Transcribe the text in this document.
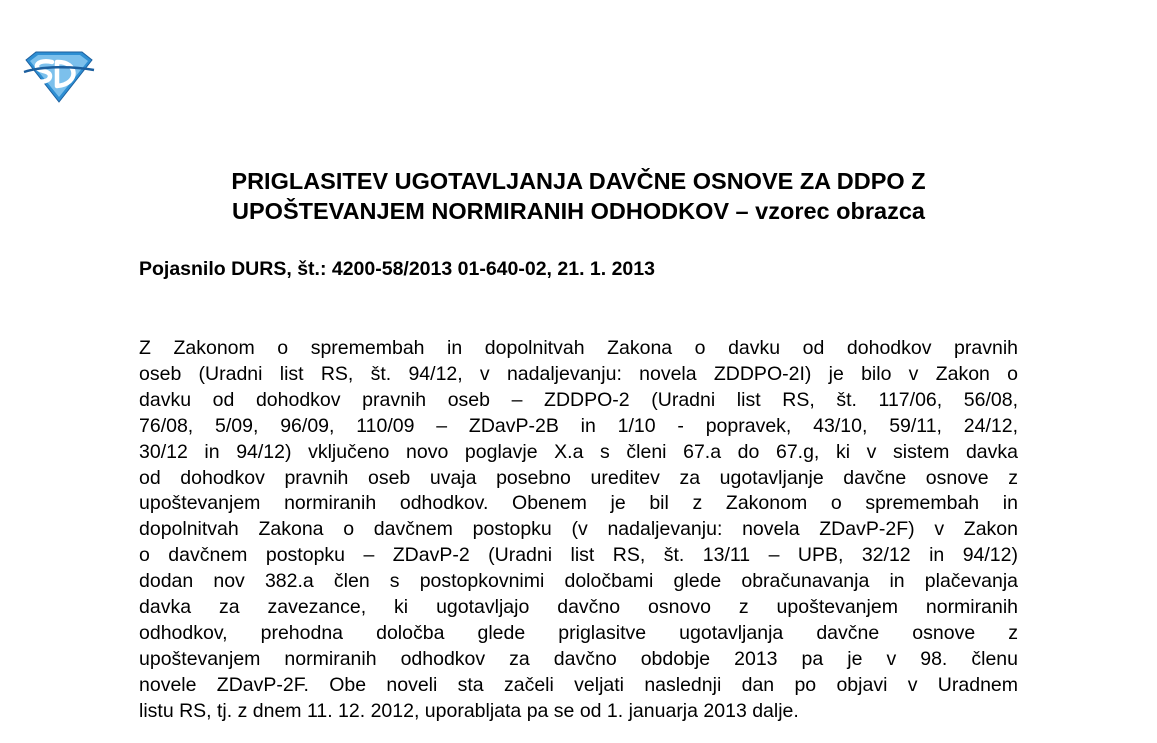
PRIGLASITEV UGOTAVLJANJA DAVČNE OSNOVE ZA DDPO Z
UPOŠTEVANJEM NORMIRANIH ODHODKOV – vzorec obrazca

Pojasnilo DURS, št.: 4200-58/2013 01-640-02, 21. 1. 2013

Z Zakonom o spremembah in dopolnitvah Zakona o davku od dohodkov pravnih
oseb (Uradni list RS, št. 94/12, v nadaljevanju: novela ZDDPO-2I) je bilo v Zakon o
davku od dohodkov pravnih oseb – ZDDPO-2 (Uradni list RS, št. 117/06, 56/08,
76/08, 5/09, 96/09, 110/09 – ZDavP-2B in 1/10 - popravek, 43/10, 59/11, 24/12,
30/12 in 94/12) vključeno novo poglavje X.a s členi 67.a do 67.g, ki v sistem davka
od dohodkov pravnih oseb uvaja posebno ureditev za ugotavljanje davčne osnove z
upoštevanjem normiranih odhodkov. Obenem je bil z Zakonom o spremembah in
dopolnitvah Zakona o davčnem postopku (v nadaljevanju: novela ZDavP-2F) v Zakon
o davčnem postopku – ZDavP-2 (Uradni list RS, št. 13/11 – UPB, 32/12 in 94/12)
dodan nov 382.a člen s postopkovnimi določbami glede obračunavanja in plačevanja
davka za zavezance, ki ugotavljajo davčno osnovo z upoštevanjem normiranih
odhodkov, prehodna določba glede priglasitve ugotavljanja davčne osnove z
upoštevanjem normiranih odhodkov za davčno obdobje 2013 pa je v 98. členu
novele ZDavP-2F. Obe noveli sta začeli veljati naslednji dan po objavi v Uradnem
listu RS, tj. z dnem 11. 12. 2012, uporabljata pa se od 1. januarja 2013 dalje.
